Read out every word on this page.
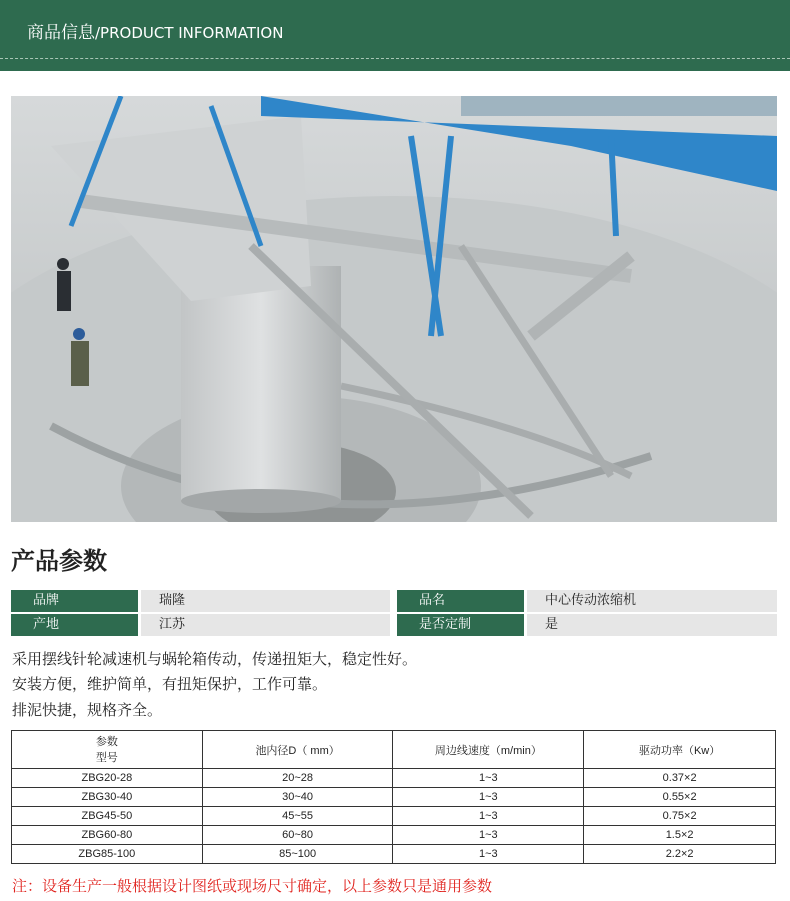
商品信息/PRODUCT INFORMATION
产品参数
品牌	瑞隆	品名	中心传动浓缩机
产地	江苏	是否定制	是
采用摆线针轮减速机与蜗轮箱传动，传递扭矩大，稳定性好。
安装方便，维护简单，有扭矩保护，工作可靠。
排泥快捷，规格齐全。
参数
型号	池内径D（ mm）	周边线速度（m/min）	驱动功率（Kw）
ZBG20-28	20~28	1~3	0.37×2
ZBG30-40	30~40	1~3	0.55×2
ZBG45-50	45~55	1~3	0.75×2
ZBG60-80	60~80	1~3	1.5×2
ZBG85-100	85~100	1~3	2.2×2
注：设备生产一般根据设计图纸或现场尺寸确定，以上参数只是通用参数
